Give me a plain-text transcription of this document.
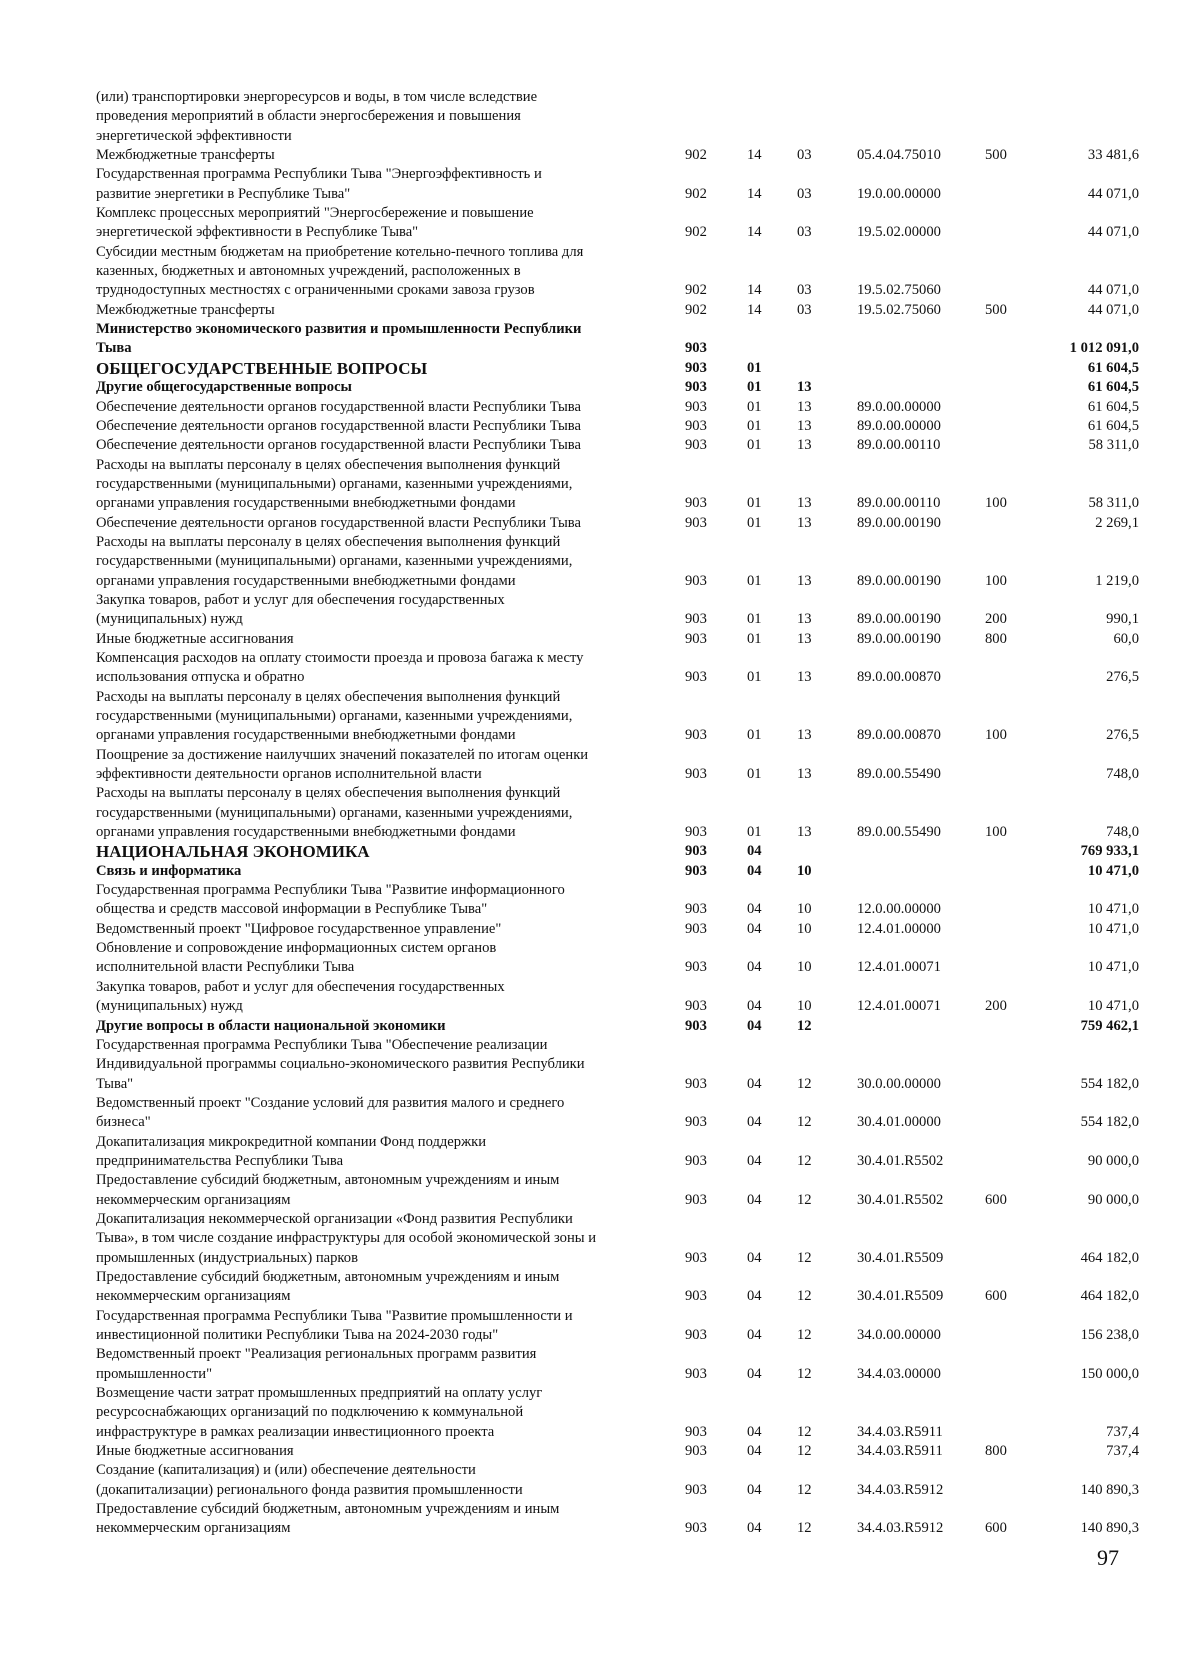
(или) транспортировки энергоресурсов и воды, в том числе вследствие
проведения мероприятий в области энергосбережения и повышения
энергетической эффективности
Межбюджетные трансферты	902	14	03	05.4.04.75010	500	33 481,6
Государственная программа Республики Тыва "Энергоэффективность и
развитие энергетики в Республике Тыва"	902	14	03	19.0.00.00000	44 071,0
Комплекс процессных мероприятий "Энергосбережение и повышение
энергетической эффективности в Республике Тыва"	902	14	03	19.5.02.00000	44 071,0
Субсидии местным бюджетам на приобретение котельно-печного топлива для
казенных, бюджетных и автономных учреждений, расположенных в
труднодоступных местностях с ограниченными сроками завоза грузов	902	14	03	19.5.02.75060	44 071,0
Межбюджетные трансферты	902	14	03	19.5.02.75060	500	44 071,0
Министерство экономического развития и промышленности Республики
Тыва	903	1 012 091,0
ОБЩЕГОСУДАРСТВЕННЫЕ ВОПРОСЫ	903	01	61 604,5
Другие общегосударственные вопросы	903	01	13	61 604,5
Обеспечение деятельности органов государственной власти Республики Тыва	903	01	13	89.0.00.00000	61 604,5
Обеспечение деятельности органов государственной власти Республики Тыва	903	01	13	89.0.00.00000	61 604,5
Обеспечение деятельности органов государственной власти Республики Тыва	903	01	13	89.0.00.00110	58 311,0
Расходы на выплаты персоналу в целях обеспечения выполнения функций
государственными (муниципальными) органами, казенными учреждениями,
органами управления государственными внебюджетными фондами	903	01	13	89.0.00.00110	100	58 311,0
Обеспечение деятельности органов государственной власти Республики Тыва	903	01	13	89.0.00.00190	2 269,1
Расходы на выплаты персоналу в целях обеспечения выполнения функций
государственными (муниципальными) органами, казенными учреждениями,
органами управления государственными внебюджетными фондами	903	01	13	89.0.00.00190	100	1 219,0
Закупка товаров, работ и услуг для обеспечения государственных
(муниципальных) нужд	903	01	13	89.0.00.00190	200	990,1
Иные бюджетные ассигнования	903	01	13	89.0.00.00190	800	60,0
Компенсация расходов на оплату стоимости проезда и провоза багажа к месту
использования отпуска и обратно	903	01	13	89.0.00.00870	276,5
Расходы на выплаты персоналу в целях обеспечения выполнения функций
государственными (муниципальными) органами, казенными учреждениями,
органами управления государственными внебюджетными фондами	903	01	13	89.0.00.00870	100	276,5
Поощрение за достижение наилучших значений показателей по итогам оценки
эффективности деятельности органов исполнительной власти	903	01	13	89.0.00.55490	748,0
Расходы на выплаты персоналу в целях обеспечения выполнения функций
государственными (муниципальными) органами, казенными учреждениями,
органами управления государственными внебюджетными фондами	903	01	13	89.0.00.55490	100	748,0
НАЦИОНАЛЬНАЯ ЭКОНОМИКА	903	04	769 933,1
Связь и информатика	903	04	10	10 471,0
Государственная программа Республики Тыва "Развитие информационного
общества и средств массовой информации в Республике Тыва"	903	04	10	12.0.00.00000	10 471,0
Ведомственный проект "Цифровое государственное управление"	903	04	10	12.4.01.00000	10 471,0
Обновление и сопровождение информационных систем органов
исполнительной власти Республики Тыва	903	04	10	12.4.01.00071	10 471,0
Закупка товаров, работ и услуг для обеспечения государственных
(муниципальных) нужд	903	04	10	12.4.01.00071	200	10 471,0
Другие вопросы в области национальной экономики	903	04	12	759 462,1
Государственная программа Республики Тыва "Обеспечение реализации
Индивидуальной программы социально-экономического развития Республики
Тыва"	903	04	12	30.0.00.00000	554 182,0
Ведомственный проект "Создание условий для развития малого и среднего
бизнеса"	903	04	12	30.4.01.00000	554 182,0
Докапитализация микрокредитной компании Фонд поддержки
предпринимательства Республики Тыва	903	04	12	30.4.01.R5502	90 000,0
Предоставление субсидий бюджетным, автономным учреждениям и иным
некоммерческим организациям	903	04	12	30.4.01.R5502	600	90 000,0
Докапитализация некоммерческой организации «Фонд развития Республики
Тыва», в том числе создание инфраструктуры для особой экономической зоны и
промышленных (индустриальных) парков	903	04	12	30.4.01.R5509	464 182,0
Предоставление субсидий бюджетным, автономным учреждениям и иным
некоммерческим организациям	903	04	12	30.4.01.R5509	600	464 182,0
Государственная программа Республики Тыва "Развитие промышленности и
инвестиционной политики Республики Тыва на 2024-2030 годы"	903	04	12	34.0.00.00000	156 238,0
Ведомственный проект "Реализация региональных программ развития
промышленности"	903	04	12	34.4.03.00000	150 000,0
Возмещение части затрат промышленных предприятий на оплату услуг
ресурсоснабжающих организаций по подключению к коммунальной
инфраструктуре в рамках реализации инвестиционного проекта	903	04	12	34.4.03.R5911	737,4
Иные бюджетные ассигнования	903	04	12	34.4.03.R5911	800	737,4
Создание (капитализация) и (или) обеспечение деятельности
(докапитализации) регионального фонда развития промышленности	903	04	12	34.4.03.R5912	140 890,3
Предоставление субсидий бюджетным, автономным учреждениям и иным
некоммерческим организациям	903	04	12	34.4.03.R5912	600	140 890,3
97
